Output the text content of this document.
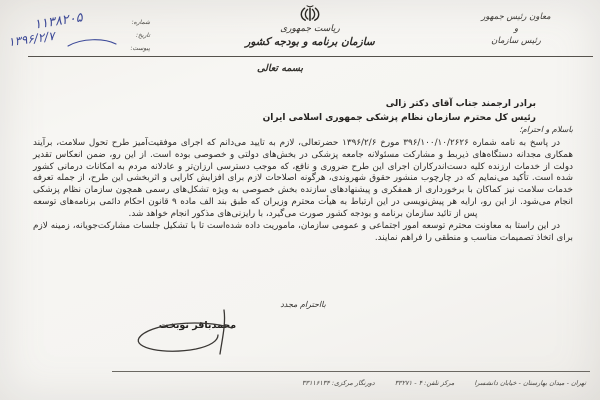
معاون رئیس جمهور
و
رئیس سازمان
ریاست جمهوری
سازمان برنامه و بودجه کشور
۱۱۳۸۲۰۵
۱۳۹۶/۲/۷
شماره:
تاریخ:
پیوست:
بسمه تعالی
برادر ارجمند جناب آقای دکتر زالی
رئیس کل محترم سازمان نظام پزشکی جمهوری اسلامی ایران
باسلام و احترام؛

در پاسخ به نامه شماره ۳۹۶/۱۰۰/۱۰/۲۶۲۶ مورخ ۱۳۹۶/۲/۶ حضرتعالی، لازم به تایید می‌دانم که اجرای موفقیت‌آمیز طرح تحول سلامت، برآیند همکاری مجدانه دستگاه‌های ذیربط و مشارکت مسئولانه جامعه پزشکی در بخش‌های دولتی و خصوصی بوده است. از این رو، ضمن انعکاس تقدیر دولت از خدمات ارزنده کلیه دست‌اندرکاران اجرای این طرح ضروری و نافع، که موجب دسترسی ارزان‌تر و عادلانه مردم به امکانات درمانی کشور شده است. تأکید می‌نمایم که در چارچوب منشور حقوق شهروندی، هرگونه اصلاحات لازم برای افزایش کارایی و اثربخشی این طرح، از جمله تعرفه خدمات سلامت نیز کماکان با برخورداری از همفکری و پیشنهادهای سازنده بخش خصوصی به ویژه تشکل‌های رسمی همچون سازمان نظام پزشکی انجام می‌شود. از این رو، ارایه هر پیش‌نویسی در این ارتباط به هیأت محترم وزیران که طبق بند الف ماده ۹ قانون احکام دائمی برنامه‌های توسعه پس از تائید سازمان برنامه و بودجه کشور صورت می‌گیرد، با رایزنی‌های مذکور انجام خواهد شد.

در این راستا به معاونت محترم توسعه امور اجتماعی و عمومی سازمان، ماموریت داده شده‌است تا با تشکیل جلسات مشارکت‌جویانه، زمینه لازم برای اتخاذ تصمیمات مناسب و منطقی را فراهم نمایند.

بااحترام مجدد
محمدباقر نوبخت
تهران - میدان بهارستان - خیابان دانشسرا
مرکز تلفن: ۴ - ۳۳۲۷۱
دورنگار مرکزی: ۳۳۱۱۶۱۳۴
